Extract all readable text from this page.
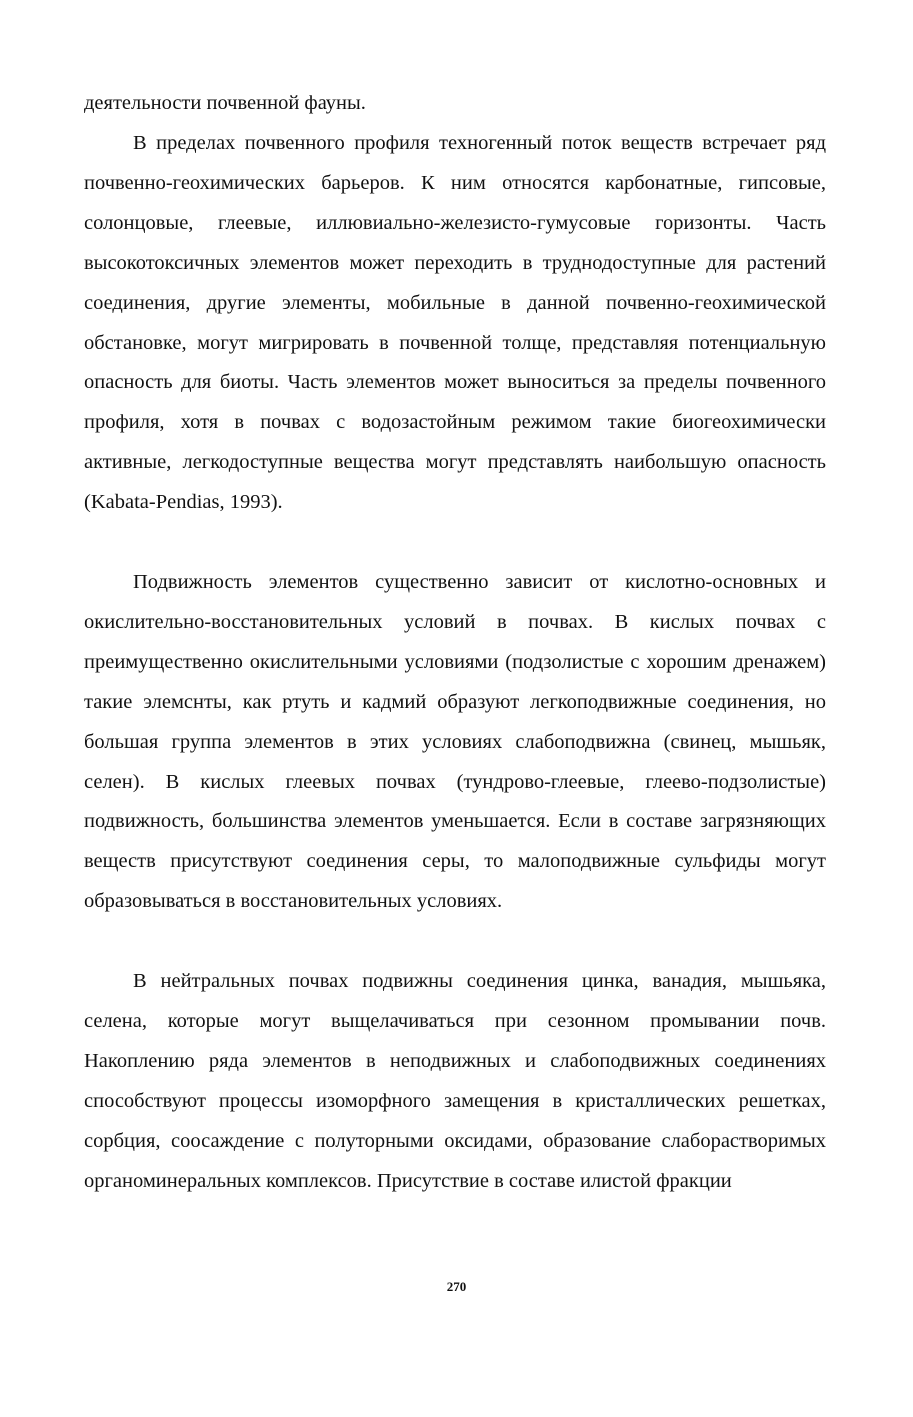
деятельности почвенной фауны.

В пределах почвенного профиля техногенный поток веществ встречает ряд почвенно-геохимических барьеров. К ним относятся карбонатные, гипсовые, солонцовые, глеевые, иллювиально-железисто-гумусовые горизонты. Часть высокотоксичных элементов может переходить в труднодоступные для растений соединения, другие элементы, мобильные в данной почвенно-геохимической обстановке, могут мигрировать в почвенной толще, представляя потенциальную опасность для биоты. Часть элементов может выноситься за пределы почвенного профиля, хотя в почвах с водозастойным режимом такие биогеохимически активные, легкодоступные вещества могут представлять наибольшую опасность (Kabata-Pendias, 1993).

Подвижность элементов существенно зависит от кислотно-основных и окислительно-восстановительных условий в почвах. В кислых почвах с преимущественно окислительными условиями (подзолистые с хорошим дренажем) такие элемснты, как ртуть и кадмий образуют легкоподвижные соединения, но большая группа элементов в этих условиях слабоподвижна (свинец, мышьяк, селен). В кислых глеевых почвах (тундрово-глеевые, глеево-подзолистые) подвижность, большинства элементов уменьшается. Если в составе загрязняющих веществ присутствуют соединения серы, то малоподвижные сульфиды могут образовываться в восстановительных условиях.

В нейтральных почвах подвижны соединения цинка, ванадия, мышьяка, селена, которые могут выщелачиваться при сезонном промывании почв. Накоплению ряда элементов в неподвижных и слабоподвижных соединениях способствуют процессы изоморфного замещения в кристаллических решетках, сорбция, соосаждение с полуторными оксидами, образование слаборастворимых органоминеральных комплексов. Присутствие в составе илистой фракции

270
